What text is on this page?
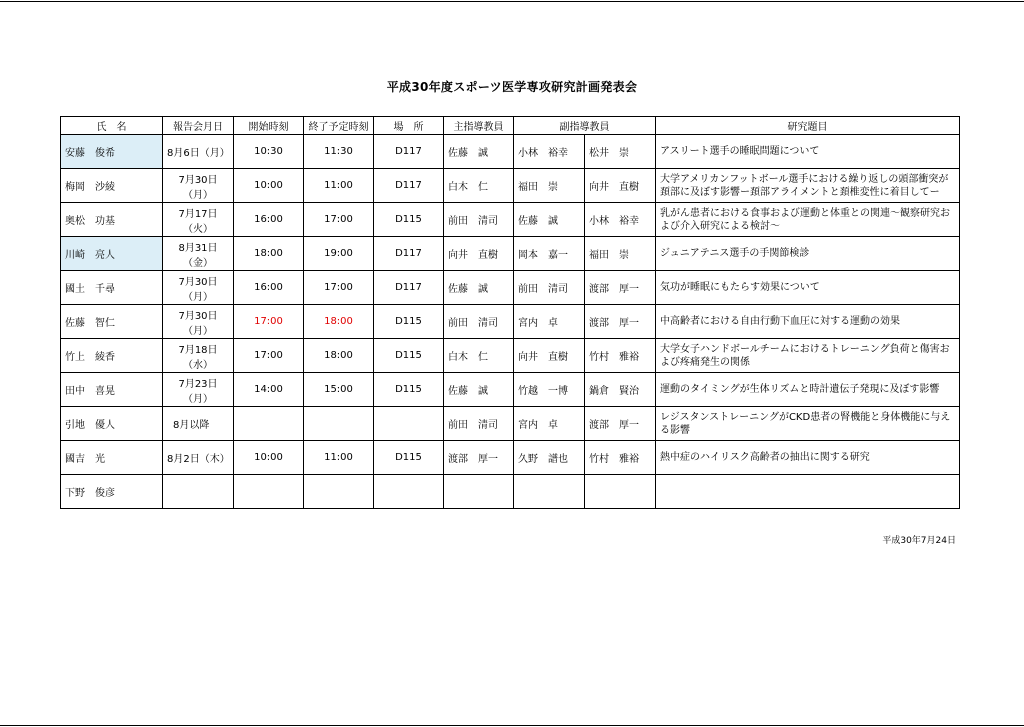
平成30年度スポーツ医学専攻研究計画発表会
氏　名	報告会月日	開始時刻	終了予定時刻	場　所	主指導教員	副指導教員		研究題目
安藤　俊希	8月6日（月）	10:30	11:30	D117	佐藤　誠	小林　裕幸	松井　崇	アスリート選手の睡眠問題について
梅岡　沙綾	7月30日（月）	10:00	11:00	D117	白木　仁	福田　崇	向井　直樹	大学アメリカンフットボール選手における繰り返しの頭部衝突が頚部に及ぼす影響ー頚部アライメントと頚椎変性に着目してー
奥松　功基	7月17日（火）	16:00	17:00	D115	前田　清司	佐藤　誠	小林　裕幸	乳がん患者における食事および運動と体重との関連～観察研究および介入研究による検討～
川崎　亮人	8月31日（金）	18:00	19:00	D117	向井　直樹	岡本　嘉一	福田　崇	ジュニアテニス選手の手関節検診
國土　千尋	7月30日（月）	16:00	17:00	D117	佐藤　誠	前田　清司	渡部　厚一	気功が睡眠にもたらす効果について
佐藤　智仁	7月30日（月）	17:00	18:00	D115	前田　清司	宮内　卓	渡部　厚一	中高齢者における自由行動下血圧に対する運動の効果
竹上　綾香	7月18日（水）	17:00	18:00	D115	白木　仁	向井　直樹	竹村　雅裕	大学女子ハンドボールチームにおけるトレーニング負荷と傷害および疼痛発生の関係
田中　喜晃	7月23日（月）	14:00	15:00	D115	佐藤　誠	竹越　一博	鍋倉　賢治	運動のタイミングが生体リズムと時計遺伝子発現に及ぼす影響
引地　優人	8月以降				前田　清司	宮内　卓	渡部　厚一	レジスタンストレーニングがCKD患者の腎機能と身体機能に与える影響
國吉　光	8月2日（木）	10:00	11:00	D115	渡部　厚一	久野　譜也	竹村　雅裕	熱中症のハイリスク高齢者の抽出に関する研究
下野　俊彦								
平成30年7月24日
